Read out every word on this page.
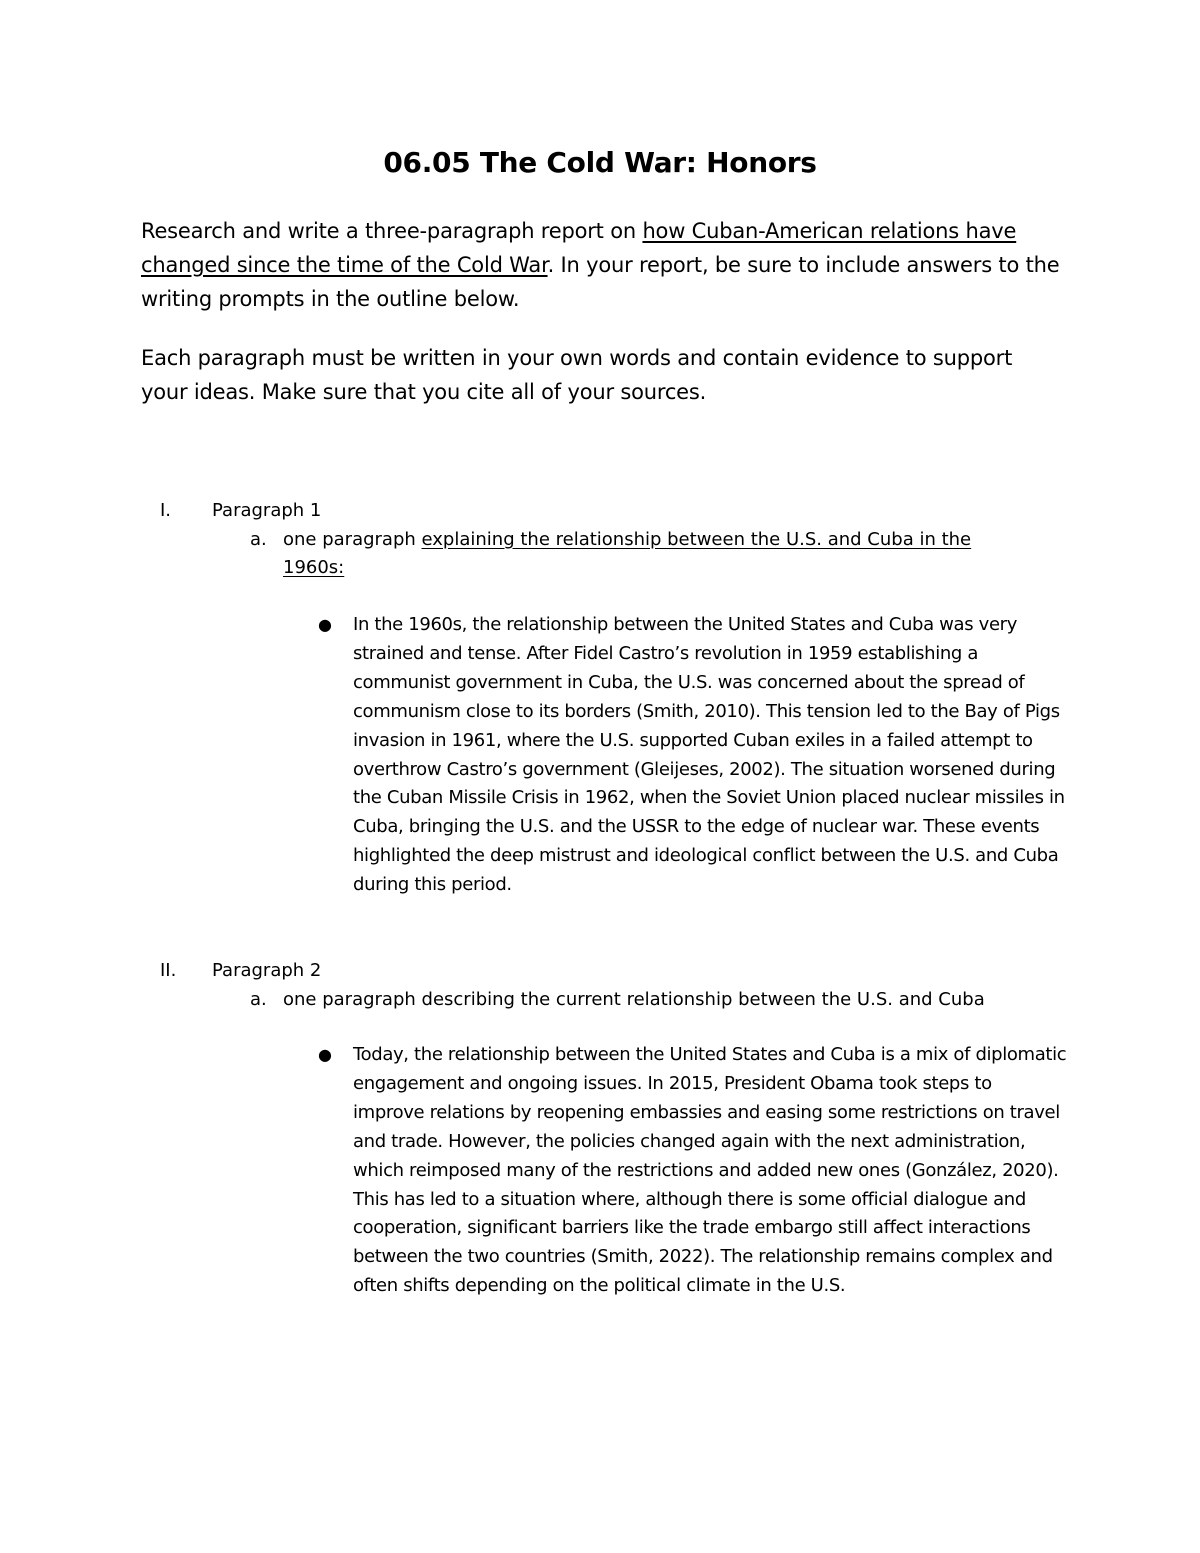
06.05 The Cold War: Honors

Research and write a three-paragraph report on how Cuban-American relations have changed since the time of the Cold War. In your report, be sure to include answers to the writing prompts in the outline below.

Each paragraph must be written in your own words and contain evidence to support your ideas. Make sure that you cite all of your sources.

I. Paragraph 1
a. one paragraph explaining the relationship between the U.S. and Cuba in the 1960s:

● In the 1960s, the relationship between the United States and Cuba was very strained and tense. After Fidel Castro’s revolution in 1959 establishing a communist government in Cuba, the U.S. was concerned about the spread of communism close to its borders (Smith, 2010). This tension led to the Bay of Pigs invasion in 1961, where the U.S. supported Cuban exiles in a failed attempt to overthrow Castro’s government (Gleijeses, 2002). The situation worsened during the Cuban Missile Crisis in 1962, when the Soviet Union placed nuclear missiles in Cuba, bringing the U.S. and the USSR to the edge of nuclear war. These events highlighted the deep mistrust and ideological conflict between the U.S. and Cuba during this period.

II. Paragraph 2
a. one paragraph describing the current relationship between the U.S. and Cuba

● Today, the relationship between the United States and Cuba is a mix of diplomatic engagement and ongoing issues. In 2015, President Obama took steps to improve relations by reopening embassies and easing some restrictions on travel and trade. However, the policies changed again with the next administration, which reimposed many of the restrictions and added new ones (González, 2020). This has led to a situation where, although there is some official dialogue and cooperation, significant barriers like the trade embargo still affect interactions between the two countries (Smith, 2022). The relationship remains complex and often shifts depending on the political climate in the U.S.
